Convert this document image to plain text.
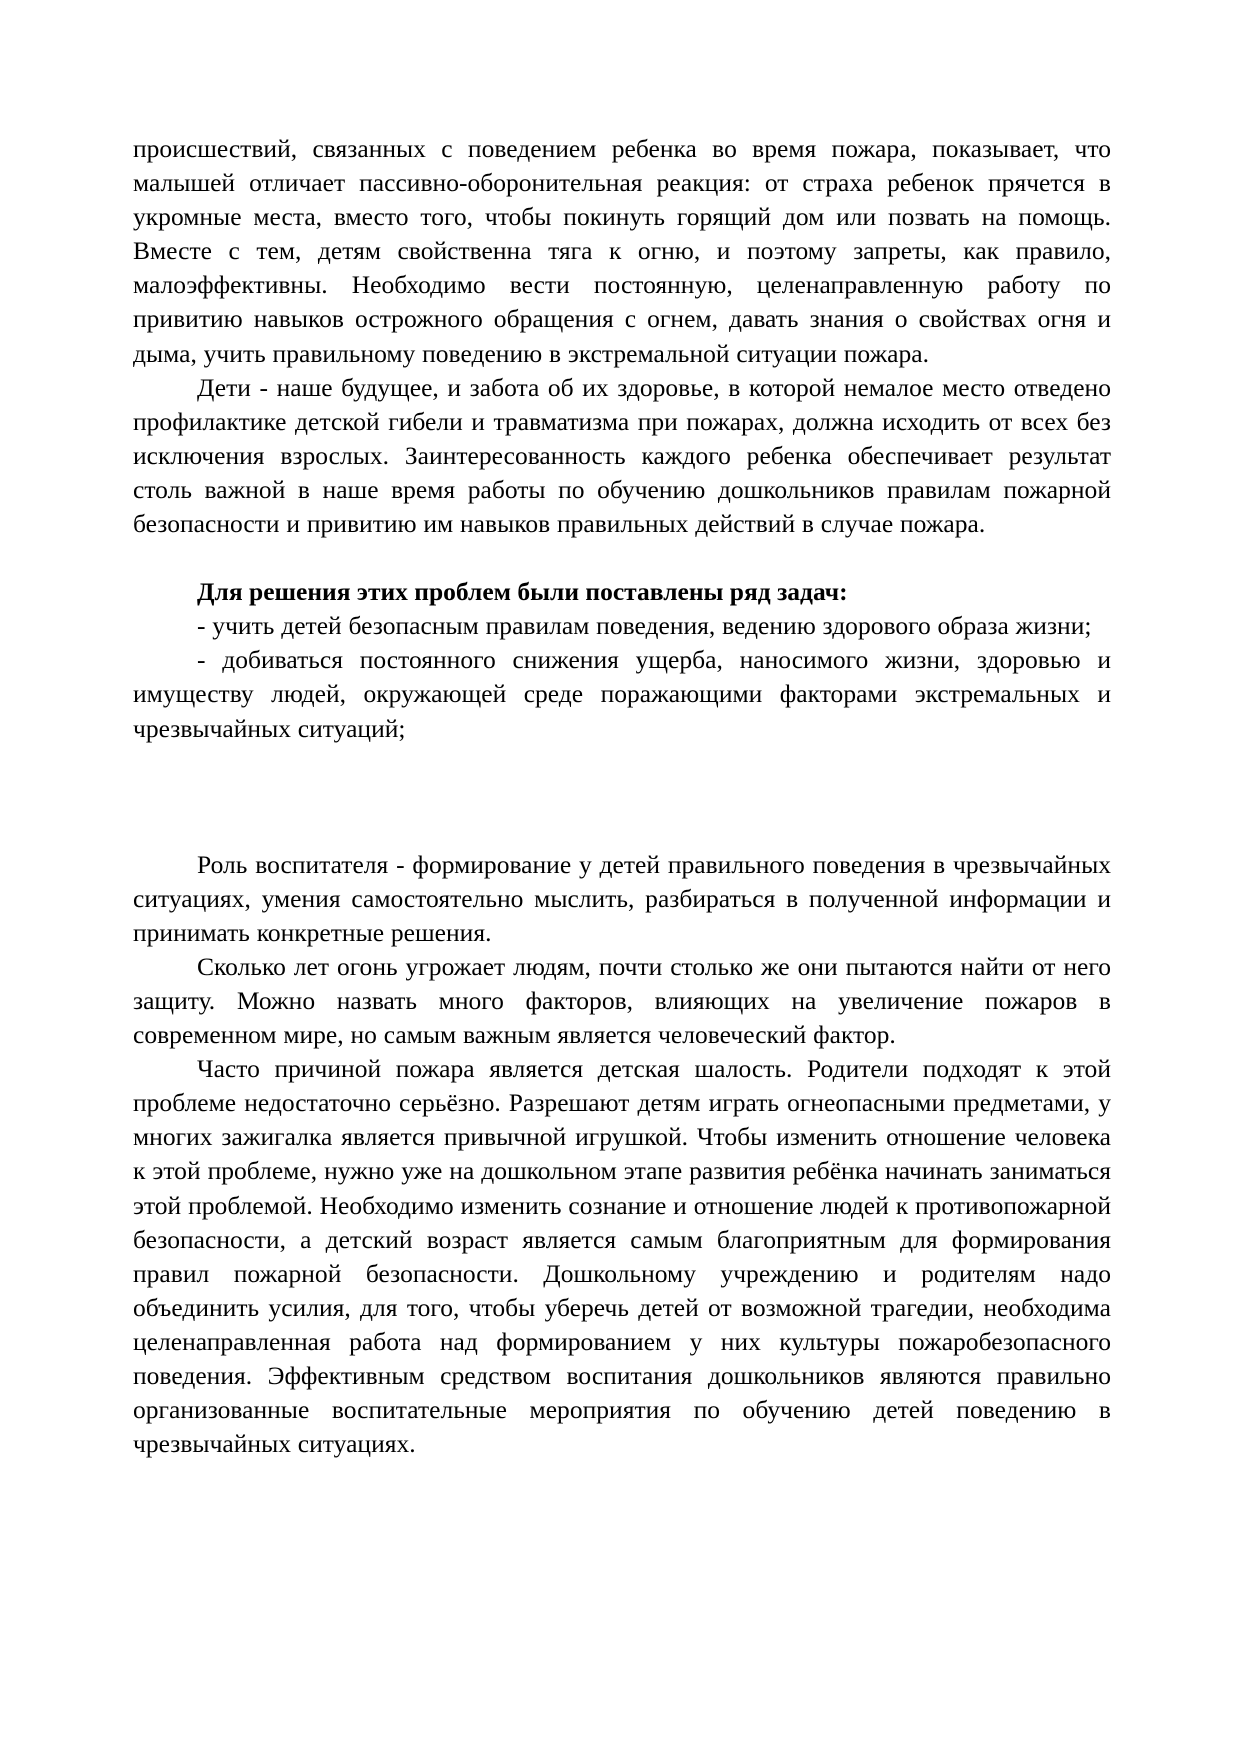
происшествий, связанных с поведением ребенка во время пожара, показывает, что малышей отличает пассивно-оборонительная реакция: от страха ребенок прячется в укромные места, вместо того, чтобы покинуть горящий дом или позвать на помощь. Вместе с тем, детям свойственна тяга к огню, и поэтому запреты, как правило, малоэффективны. Необходимо вести постоянную, целенаправленную работу по привитию навыков острожного обращения с огнем, давать знания о свойствах огня и дыма, учить правильному поведению в экстремальной ситуации пожара.

Дети - наше будущее, и забота об их здоровье, в которой немалое место отведено профилактике детской гибели и травматизма при пожарах, должна исходить от всех без исключения взрослых. Заинтересованность каждого ребенка обеспечивает результат столь важной в наше время работы по обучению дошкольников правилам пожарной безопасности и привитию им навыков правильных действий в случае пожара.

Для решения этих проблем были поставлены ряд задач:

- учить детей безопасным правилам поведения, ведению здорового образа жизни;

- добиваться постоянного снижения ущерба, наносимого жизни, здоровью и имуществу людей, окружающей среде поражающими факторами экстремальных и чрезвычайных ситуаций;

Роль воспитателя - формирование у детей правильного поведения в чрезвычайных ситуациях, умения самостоятельно мыслить, разбираться в полученной информации и принимать конкретные решения.

Сколько лет огонь угрожает людям, почти столько же они пытаются найти от него защиту. Можно назвать много факторов, влияющих на увеличение пожаров в современном мире, но самым важным является человеческий фактор.

Часто причиной пожара является детская шалость. Родители подходят к этой проблеме недостаточно серьёзно. Разрешают детям играть огнеопасными предметами, у многих зажигалка является привычной игрушкой. Чтобы изменить отношение человека к этой проблеме, нужно уже на дошкольном этапе развития ребёнка начинать заниматься этой проблемой. Необходимо изменить сознание и отношение людей к противопожарной безопасности, а детский возраст является самым благоприятным для формирования правил пожарной безопасности. Дошкольному учреждению и родителям надо объединить усилия, для того, чтобы уберечь детей от возможной трагедии, необходима целенаправленная работа над формированием у них культуры пожаробезопасного поведения. Эффективным средством воспитания дошкольников являются правильно организованные воспитательные мероприятия по обучению детей поведению в чрезвычайных ситуациях.
